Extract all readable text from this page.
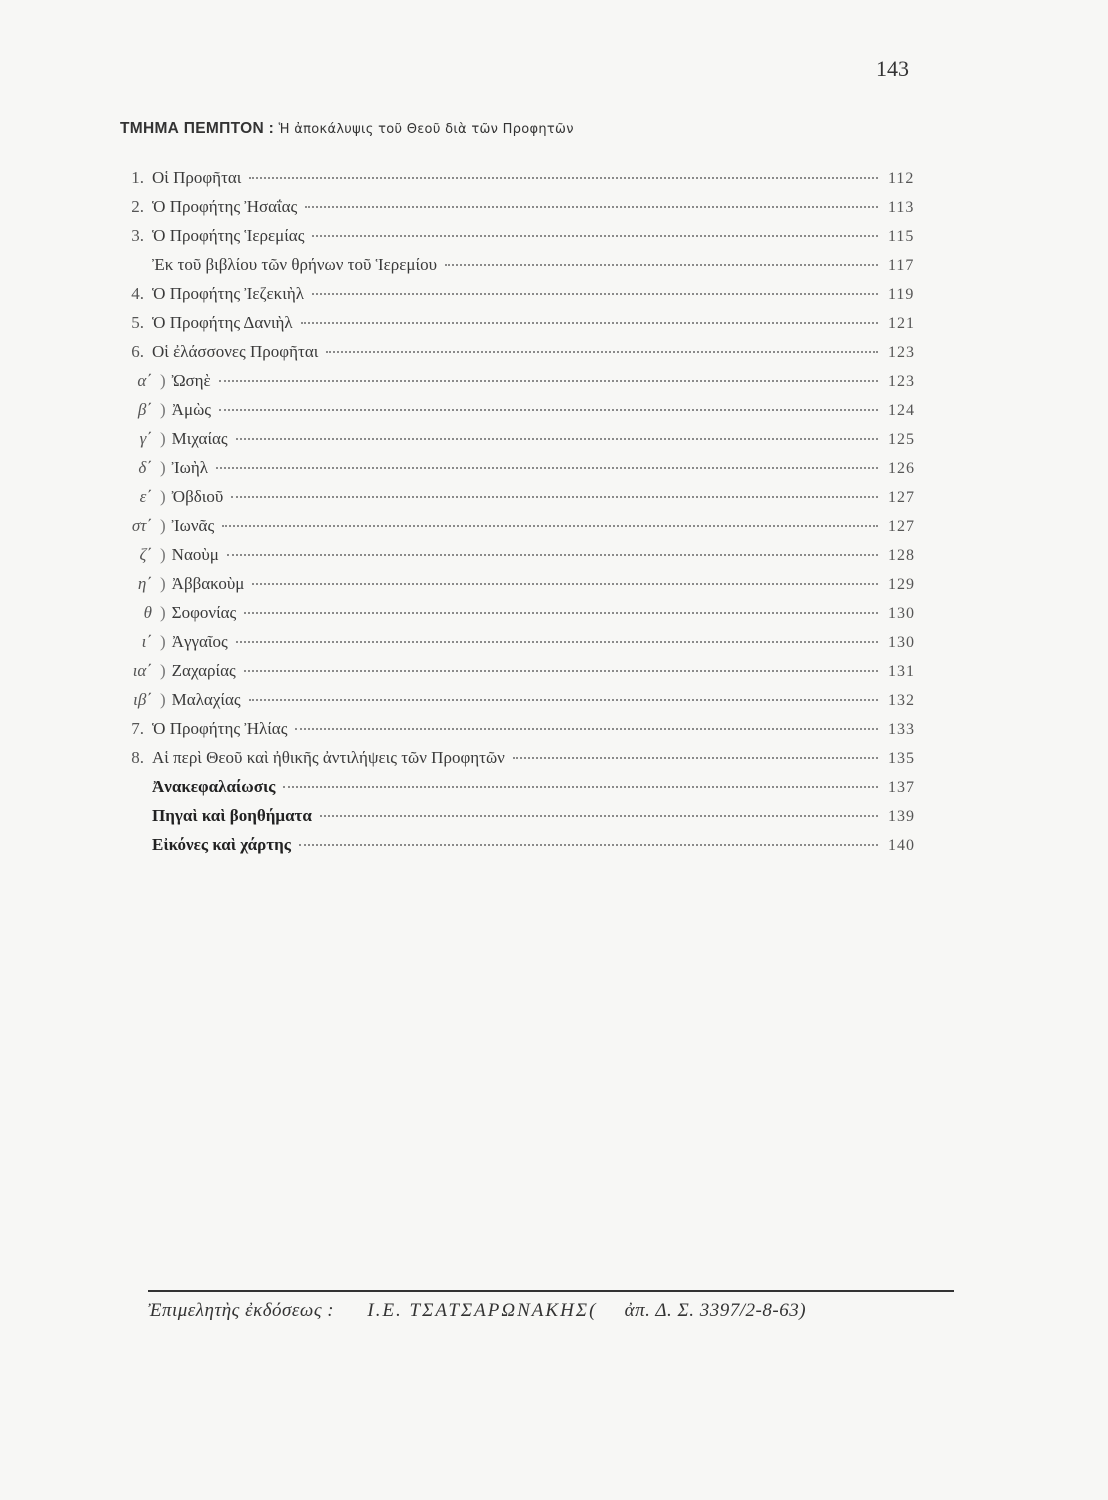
143
ΤΜΗΜΑ ΠΕΜΠΤΟΝ : Ἡ ἀποκάλυψις τοῦ Θεοῦ διὰ τῶν Προφητῶν
1. Οἱ Προφῆται	112
2. Ὁ Προφήτης Ἠσαΐας	113
3. Ὁ Προφήτης Ἱερεμίας	115
Ἐκ τοῦ βιβλίου τῶν θρήνων τοῦ Ἱερεμίου	117
4. Ὁ Προφήτης Ἰεζεκιὴλ	119
5. Ὁ Προφήτης Δανιὴλ	121
6. Οἱ ἐλάσσονες Προφῆται	123
α΄ ) Ὠσηὲ	123
β΄ ) Ἀμὼς	124
γ΄ ) Μιχαίας	125
δ΄ ) Ἰωὴλ	126
ε΄ ) Ὀβδιοῦ	127
στ΄ ) Ἰωνᾶς	127
ζ΄ ) Ναοὺμ	128
η΄ ) Ἀββακοὺμ	129
θ ) Σοφονίας	130
ι΄ ) Ἀγγαῖος	130
ια΄ ) Ζαχαρίας	131
ιβ΄ ) Μαλαχίας	132
7. Ὁ Προφήτης Ἠλίας	133
8. Αἱ περὶ Θεοῦ καὶ ἠθικῆς ἀντιλήψεις τῶν Προφητῶν	135
Ἀνακεφαλαίωσις	137
Πηγαὶ καὶ βοηθήματα	139
Εἰκόνες καὶ χάρτης	140
Ἐπιμελητὴς ἐκδόσεως : Ι.Ε. ΤΣΑΤΣΑΡΩΝΑΚΗΣ( ἀπ. Δ. Σ. 3397/2-8-63)
